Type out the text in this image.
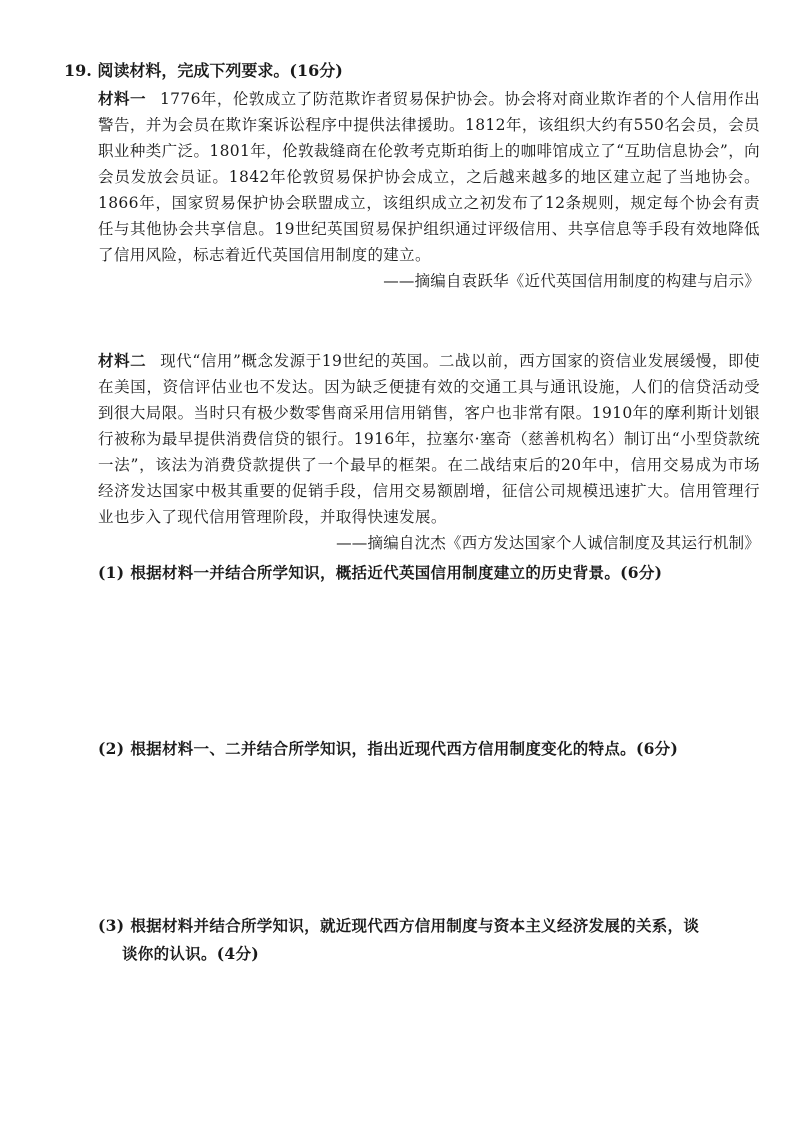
19. 阅读材料，完成下列要求。(16分)
材料一 1776年，伦敦成立了防范欺诈者贸易保护协会。协会将对商业欺诈者的个人信用作出警告，并为会员在欺诈案诉讼程序中提供法律援助。1812年，该组织大约有550名会员，会员职业种类广泛。1801年，伦敦裁缝商在伦敦考克斯珀街上的咖啡馆成立了“互助信息协会”，向会员发放会员证。1842年伦敦贸易保护协会成立，之后越来越多的地区建立起了当地协会。1866年，国家贸易保护协会联盟成立，该组织成立之初发布了12条规则，规定每个协会有责任与其他协会共享信息。19世纪英国贸易保护组织通过评级信用、共享信息等手段有效地降低了信用风险，标志着近代英国信用制度的建立。
——摘编自袁跃华《近代英国信用制度的构建与启示》
材料二 现代“信用”概念发源于19世纪的英国。二战以前，西方国家的资信业发展缓慢，即使在美国，资信评估业也不发达。因为缺乏便捷有效的交通工具与通讯设施，人们的信贷活动受到很大局限。当时只有极少数零售商采用信用销售，客户也非常有限。1910年的摩利斯计划银行被称为最早提供消费信贷的银行。1916年，拉塞尔·塞奇（慈善机构名）制订出“小型贷款统一法”，该法为消费贷款提供了一个最早的框架。在二战结束后的20年中，信用交易成为市场经济发达国家中极其重要的促销手段，信用交易额剧增，征信公司规模迅速扩大。信用管理行业也步入了现代信用管理阶段，并取得快速发展。
——摘编自沈杰《西方发达国家个人诚信制度及其运行机制》
(1) 根据材料一并结合所学知识，概括近代英国信用制度建立的历史背景。(6分)
(2) 根据材料一、二并结合所学知识，指出近现代西方信用制度变化的特点。(6分)
(3) 根据材料并结合所学知识，就近现代西方信用制度与资本主义经济发展的关系，谈
谈你的认识。(4分)
